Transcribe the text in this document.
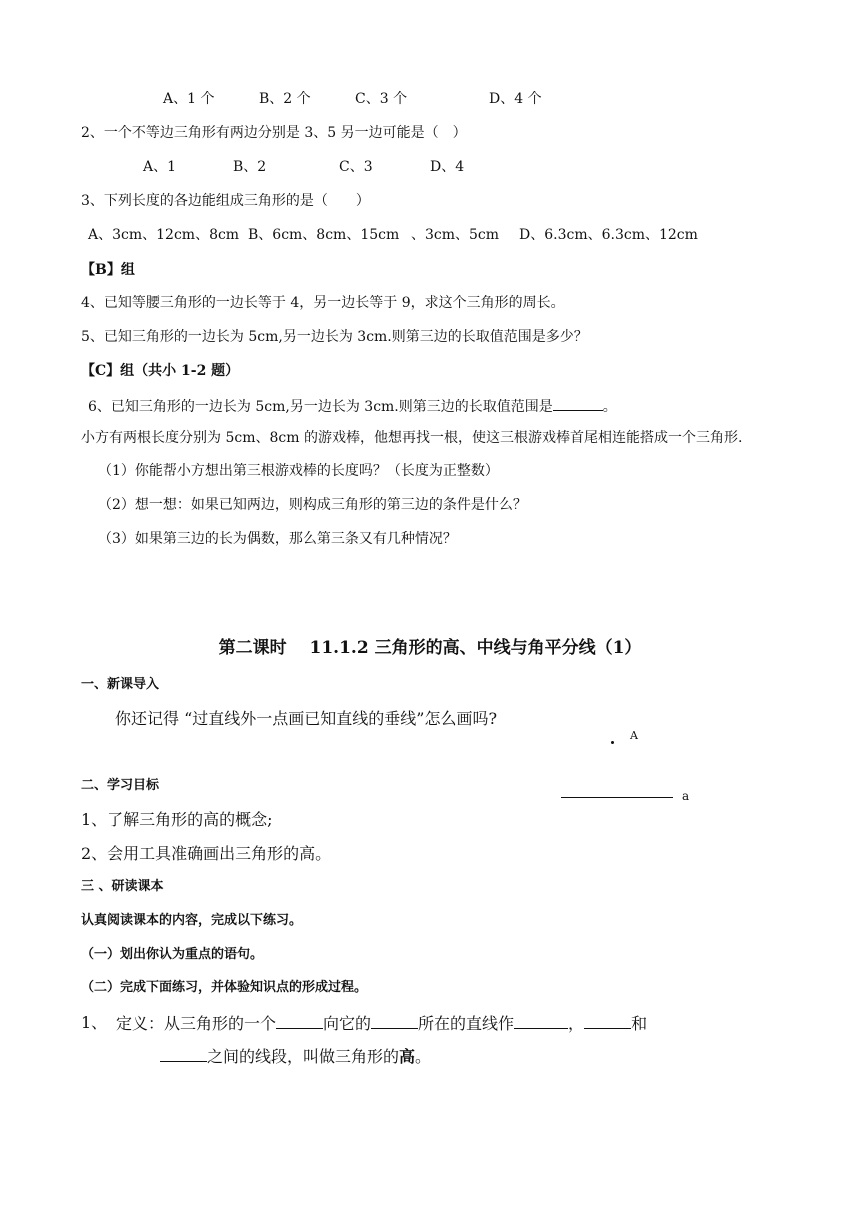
A、1 个	B、2 个	C、3 个	D、4 个
2、一个不等边三角形有两边分别是 3、5 另一边可能是（　）
A、1	B、2	C、3	D、4
3、下列长度的各边能组成三角形的是（　　）
A、3cm、12cm、8cm B、6cm、8cm、15cm 、3cm、5cm D、6.3cm、6.3cm、12cm
【B】组
4、已知等腰三角形的一边长等于 4，另一边长等于 9，求这个三角形的周长。
5、已知三角形的一边长为 5cm,另一边长为 3cm.则第三边的长取值范围是多少？
【C】组（共小 1-2 题）
6、已知三角形的一边长为 5cm,另一边长为 3cm.则第三边的长取值范围是	。
小方有两根长度分别为 5cm、8cm 的游戏棒，他想再找一根，使这三根游戏棒首尾相连能搭成一个三角形.
（1）你能帮小方想出第三根游戏棒的长度吗？（长度为正整数）
（2）想一想：如果已知两边，则构成三角形的第三边的条件是什么？
（3）如果第三边的长为偶数，那么第三条又有几种情况？
第二课时　 11.1.2 三角形的高、中线与角平分线（1）
一、新课导入
你还记得 “过直线外一点画已知直线的垂线”怎么画吗?
A
a
二、学习目标
1、了解三角形的高的概念;
2、会用工具准确画出三角形的高。
三 、研读课本
认真阅读课本的内容，完成以下练习。
（一）划出你认为重点的语句。
（二）完成下面练习，并体验知识点的形成过程。
1、 定义：从三角形的一个	向它的	所在的直线作	，	和
之间的线段，叫做三角形的高。
